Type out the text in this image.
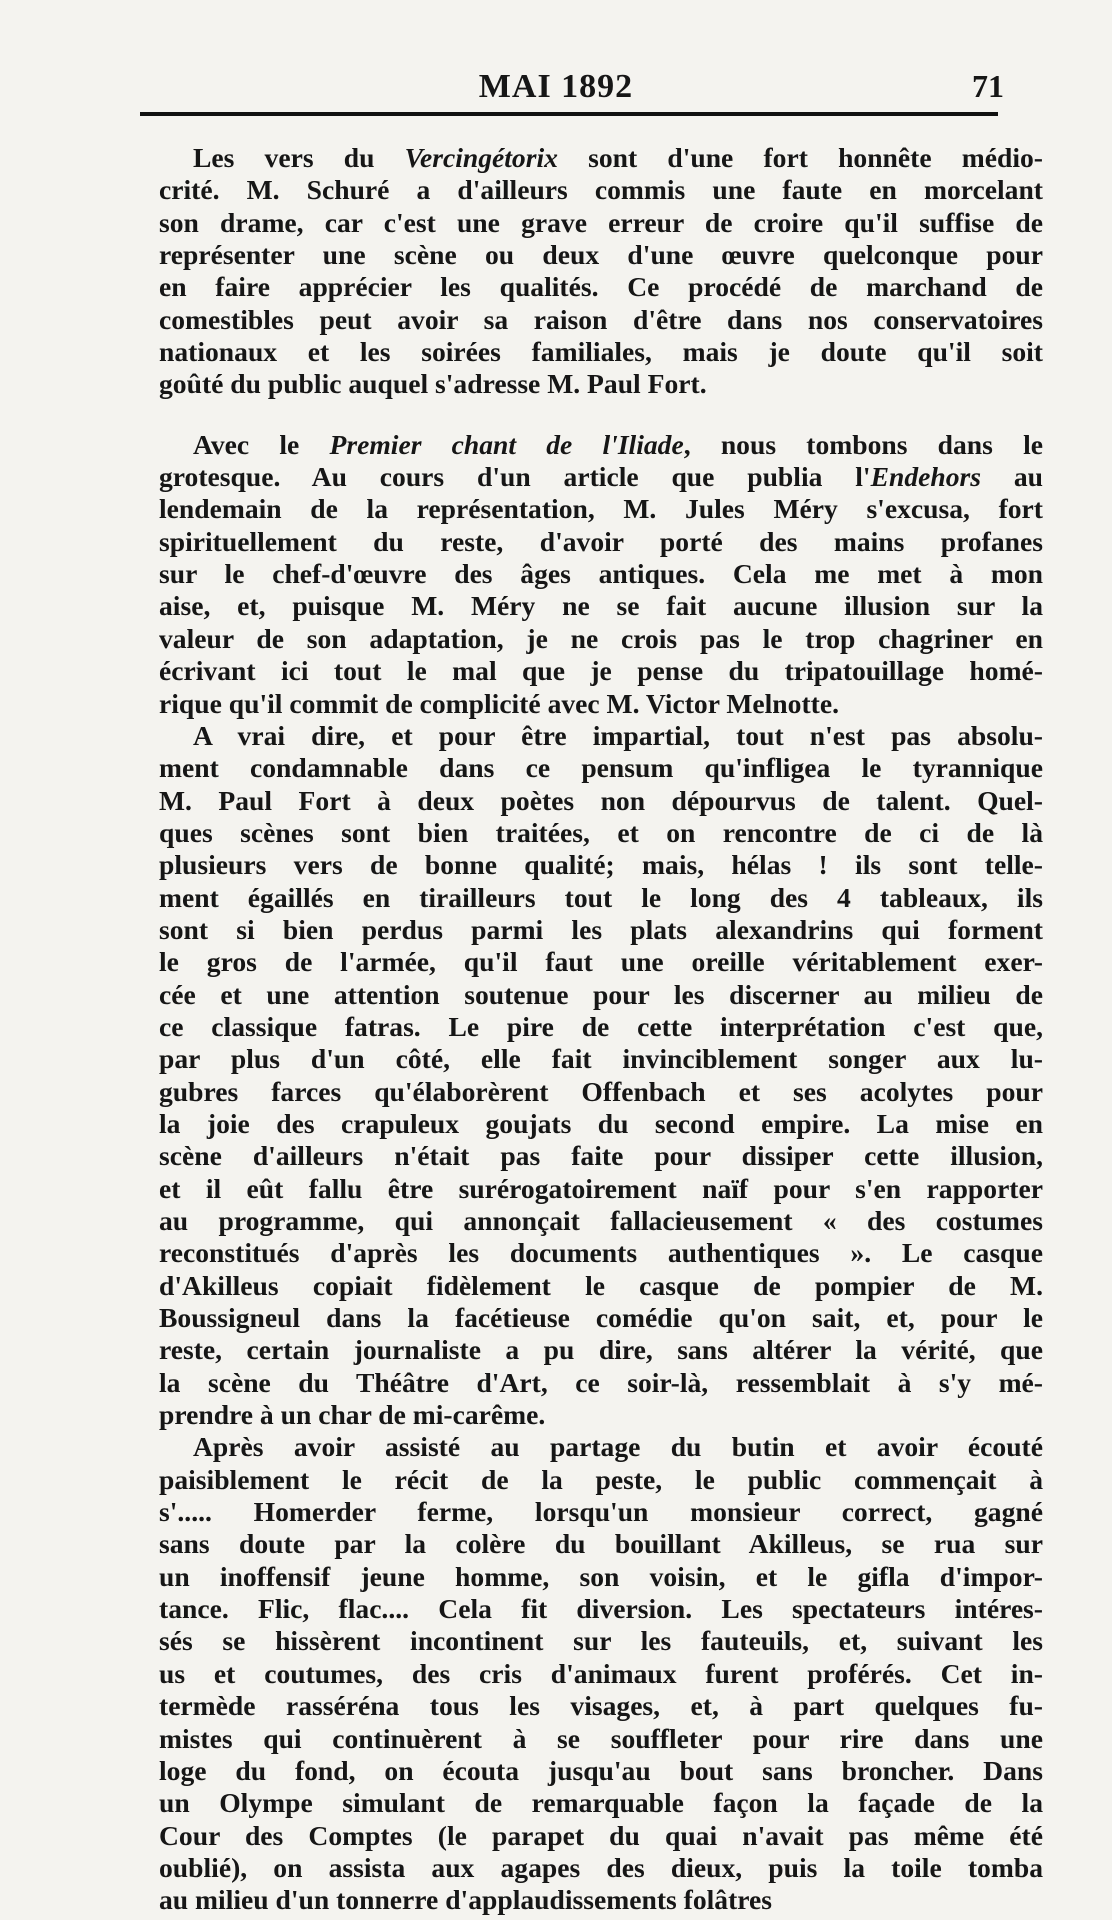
MAI 1892	71
Les vers du Vercingétorix sont d'une fort honnête médio-
crité. M. Schuré a d'ailleurs commis une faute en morcelant
son drame, car c'est une grave erreur de croire qu'il suffise de
représenter une scène ou deux d'une œuvre quelconque pour
en faire apprécier les qualités. Ce procédé de marchand de
comestibles peut avoir sa raison d'être dans nos conservatoires
nationaux et les soirées familiales, mais je doute qu'il soit
goûté du public auquel s'adresse M. Paul Fort.
Avec le Premier chant de l'Iliade, nous tombons dans le
grotesque. Au cours d'un article que publia l'Endehors au
lendemain de la représentation, M. Jules Méry s'excusa, fort
spirituellement du reste, d'avoir porté des mains profanes
sur le chef-d'œuvre des âges antiques. Cela me met à mon
aise, et, puisque M. Méry ne se fait aucune illusion sur la
valeur de son adaptation, je ne crois pas le trop chagriner en
écrivant ici tout le mal que je pense du tripatouillage homé-
rique qu'il commit de complicité avec M. Victor Melnotte.
A vrai dire, et pour être impartial, tout n'est pas absolu-
ment condamnable dans ce pensum qu'infligea le tyrannique
M. Paul Fort à deux poètes non dépourvus de talent. Quel-
ques scènes sont bien traitées, et on rencontre de ci de là
plusieurs vers de bonne qualité; mais, hélas ! ils sont telle-
ment égaillés en tirailleurs tout le long des 4 tableaux, ils
sont si bien perdus parmi les plats alexandrins qui forment
le gros de l'armée, qu'il faut une oreille véritablement exer-
cée et une attention soutenue pour les discerner au milieu de
ce classique fatras. Le pire de cette interprétation c'est que,
par plus d'un côté, elle fait invinciblement songer aux lu-
gubres farces qu'élaborèrent Offenbach et ses acolytes pour
la joie des crapuleux goujats du second empire. La mise en
scène d'ailleurs n'était pas faite pour dissiper cette illusion,
et il eût fallu être surérogatoirement naïf pour s'en rapporter
au programme, qui annonçait fallacieusement « des costumes
reconstitués d'après les documents authentiques ». Le casque
d'Akilleus copiait fidèlement le casque de pompier de M.
Boussigneul dans la facétieuse comédie qu'on sait, et, pour le
reste, certain journaliste a pu dire, sans altérer la vérité, que
la scène du Théâtre d'Art, ce soir-là, ressemblait à s'y mé-
prendre à un char de mi-carême.
Après avoir assisté au partage du butin et avoir écouté
paisiblement le récit de la peste, le public commençait à
s'..... Homerder ferme, lorsqu'un monsieur correct, gagné
sans doute par la colère du bouillant Akilleus, se rua sur
un inoffensif jeune homme, son voisin, et le gifla d'impor-
tance. Flic, flac.... Cela fit diversion. Les spectateurs intéres-
sés se hissèrent incontinent sur les fauteuils, et, suivant les
us et coutumes, des cris d'animaux furent proférés. Cet in-
termède rasséréna tous les visages, et, à part quelques fu-
mistes qui continuèrent à se souffleter pour rire dans une
loge du fond, on écouta jusqu'au bout sans broncher. Dans
un Olympe simulant de remarquable façon la façade de la
Cour des Comptes (le parapet du quai n'avait pas même été
oublié), on assista aux agapes des dieux, puis la toile tomba
au milieu d'un tonnerre d'applaudissements folâtres
